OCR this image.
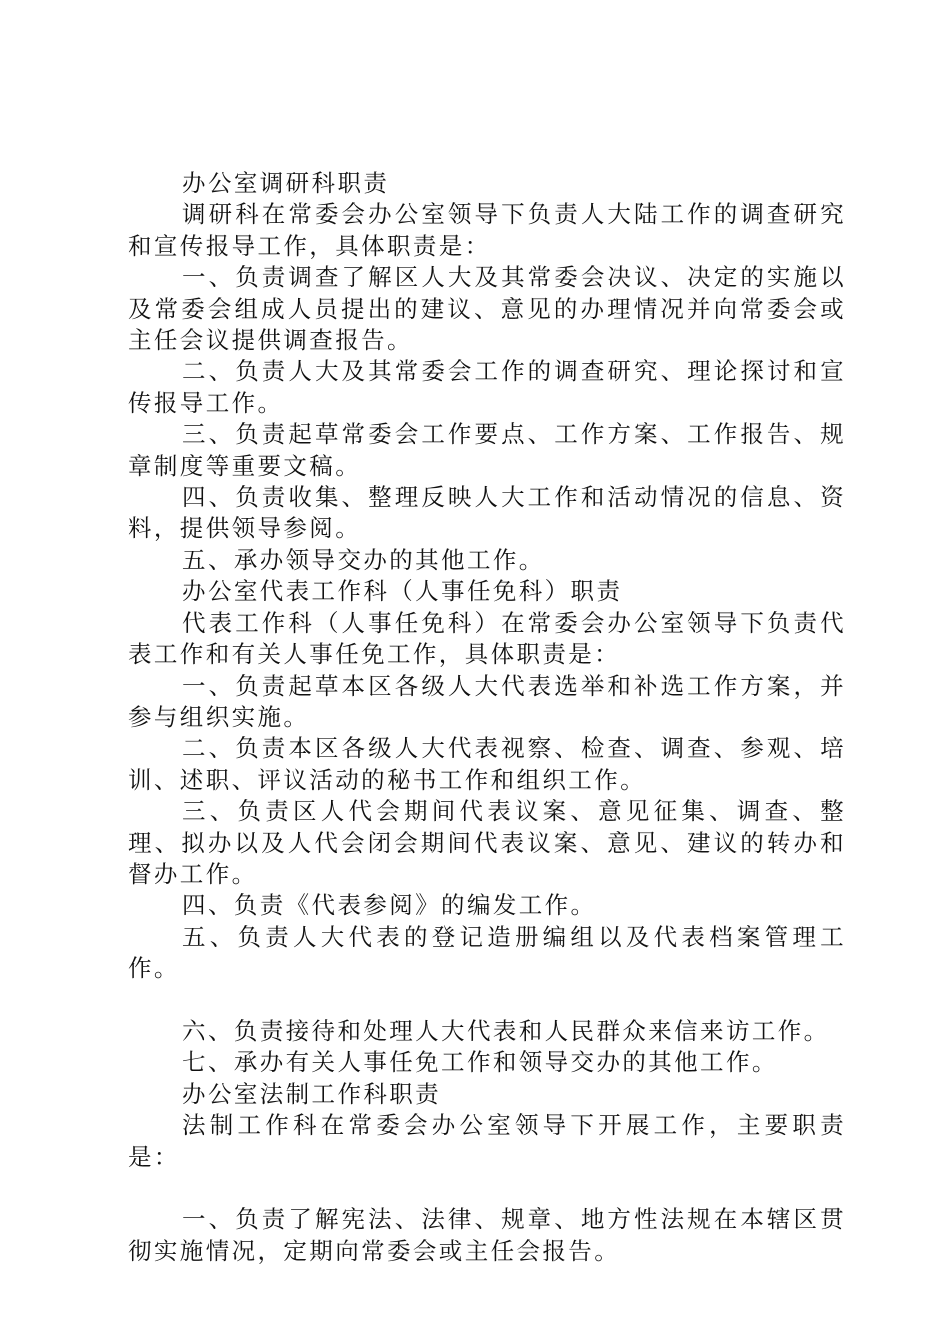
办公室调研科职责

调研科在常委会办公室领导下负责人大陆工作的调查研究和宣传报导工作，具体职责是：

一、负责调查了解区人大及其常委会决议、决定的实施以及常委会组成人员提出的建议、意见的办理情况并向常委会或主任会议提供调查报告。

二、负责人大及其常委会工作的调查研究、理论探讨和宣传报导工作。

三、负责起草常委会工作要点、工作方案、工作报告、规章制度等重要文稿。

四、负责收集、整理反映人大工作和活动情况的信息、资料，提供领导参阅。

五、承办领导交办的其他工作。

办公室代表工作科（人事任免科）职责

代表工作科（人事任免科）在常委会办公室领导下负责代表工作和有关人事任免工作，具体职责是：

一、负责起草本区各级人大代表选举和补选工作方案，并参与组织实施。

二、负责本区各级人大代表视察、检查、调查、参观、培训、述职、评议活动的秘书工作和组织工作。

三、负责区人代会期间代表议案、意见征集、调查、整理、拟办以及人代会闭会期间代表议案、意见、建议的转办和督办工作。

四、负责《代表参阅》的编发工作。

五、负责人大代表的登记造册编组以及代表档案管理工作。

六、负责接待和处理人大代表和人民群众来信来访工作。

七、承办有关人事任免工作和领导交办的其他工作。

办公室法制工作科职责

法制工作科在常委会办公室领导下开展工作，主要职责是：

一、负责了解宪法、法律、规章、地方性法规在本辖区贯彻实施情况，定期向常委会或主任会报告。
